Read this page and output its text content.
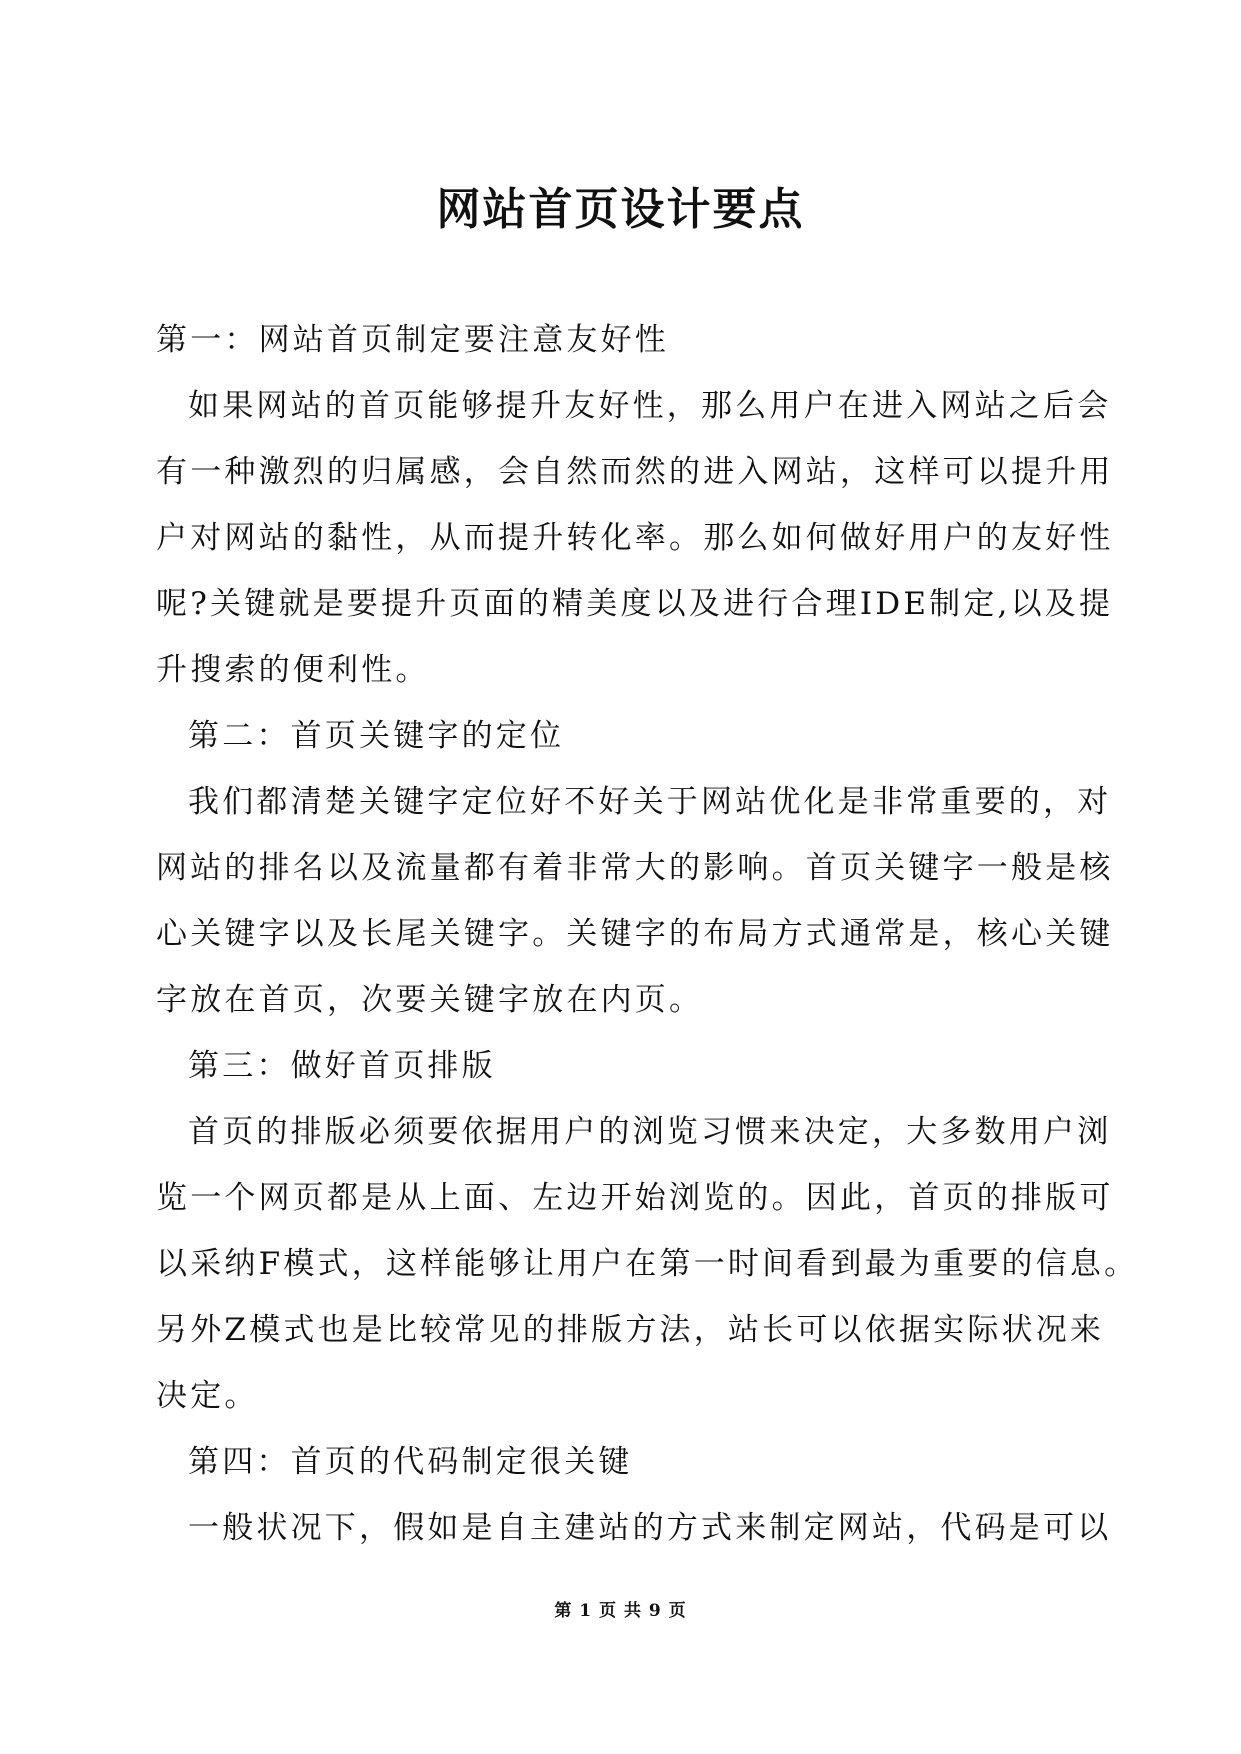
网站首页设计要点
第一：网站首页制定要注意友好性
如果网站的首页能够提升友好性，那么用户在进入网站之后会
有一种激烈的归属感，会自然而然的进入网站，这样可以提升用
户对网站的黏性，从而提升转化率。那么如何做好用户的友好性
呢?关键就是要提升页面的精美度以及进行合理IDE制定,以及提
升搜索的便利性。
第二：首页关键字的定位
我们都清楚关键字定位好不好关于网站优化是非常重要的，对
网站的排名以及流量都有着非常大的影响。首页关键字一般是核
心关键字以及长尾关键字。关键字的布局方式通常是，核心关键
字放在首页，次要关键字放在内页。
第三：做好首页排版
首页的排版必须要依据用户的浏览习惯来决定，大多数用户浏
览一个网页都是从上面、左边开始浏览的。因此，首页的排版可
以采纳F模式，这样能够让用户在第一时间看到最为重要的信息。
另外Z模式也是比较常见的排版方法，站长可以依据实际状况来
决定。
第四：首页的代码制定很关键
一般状况下，假如是自主建站的方式来制定网站，代码是可以
第 1 页 共 9 页
